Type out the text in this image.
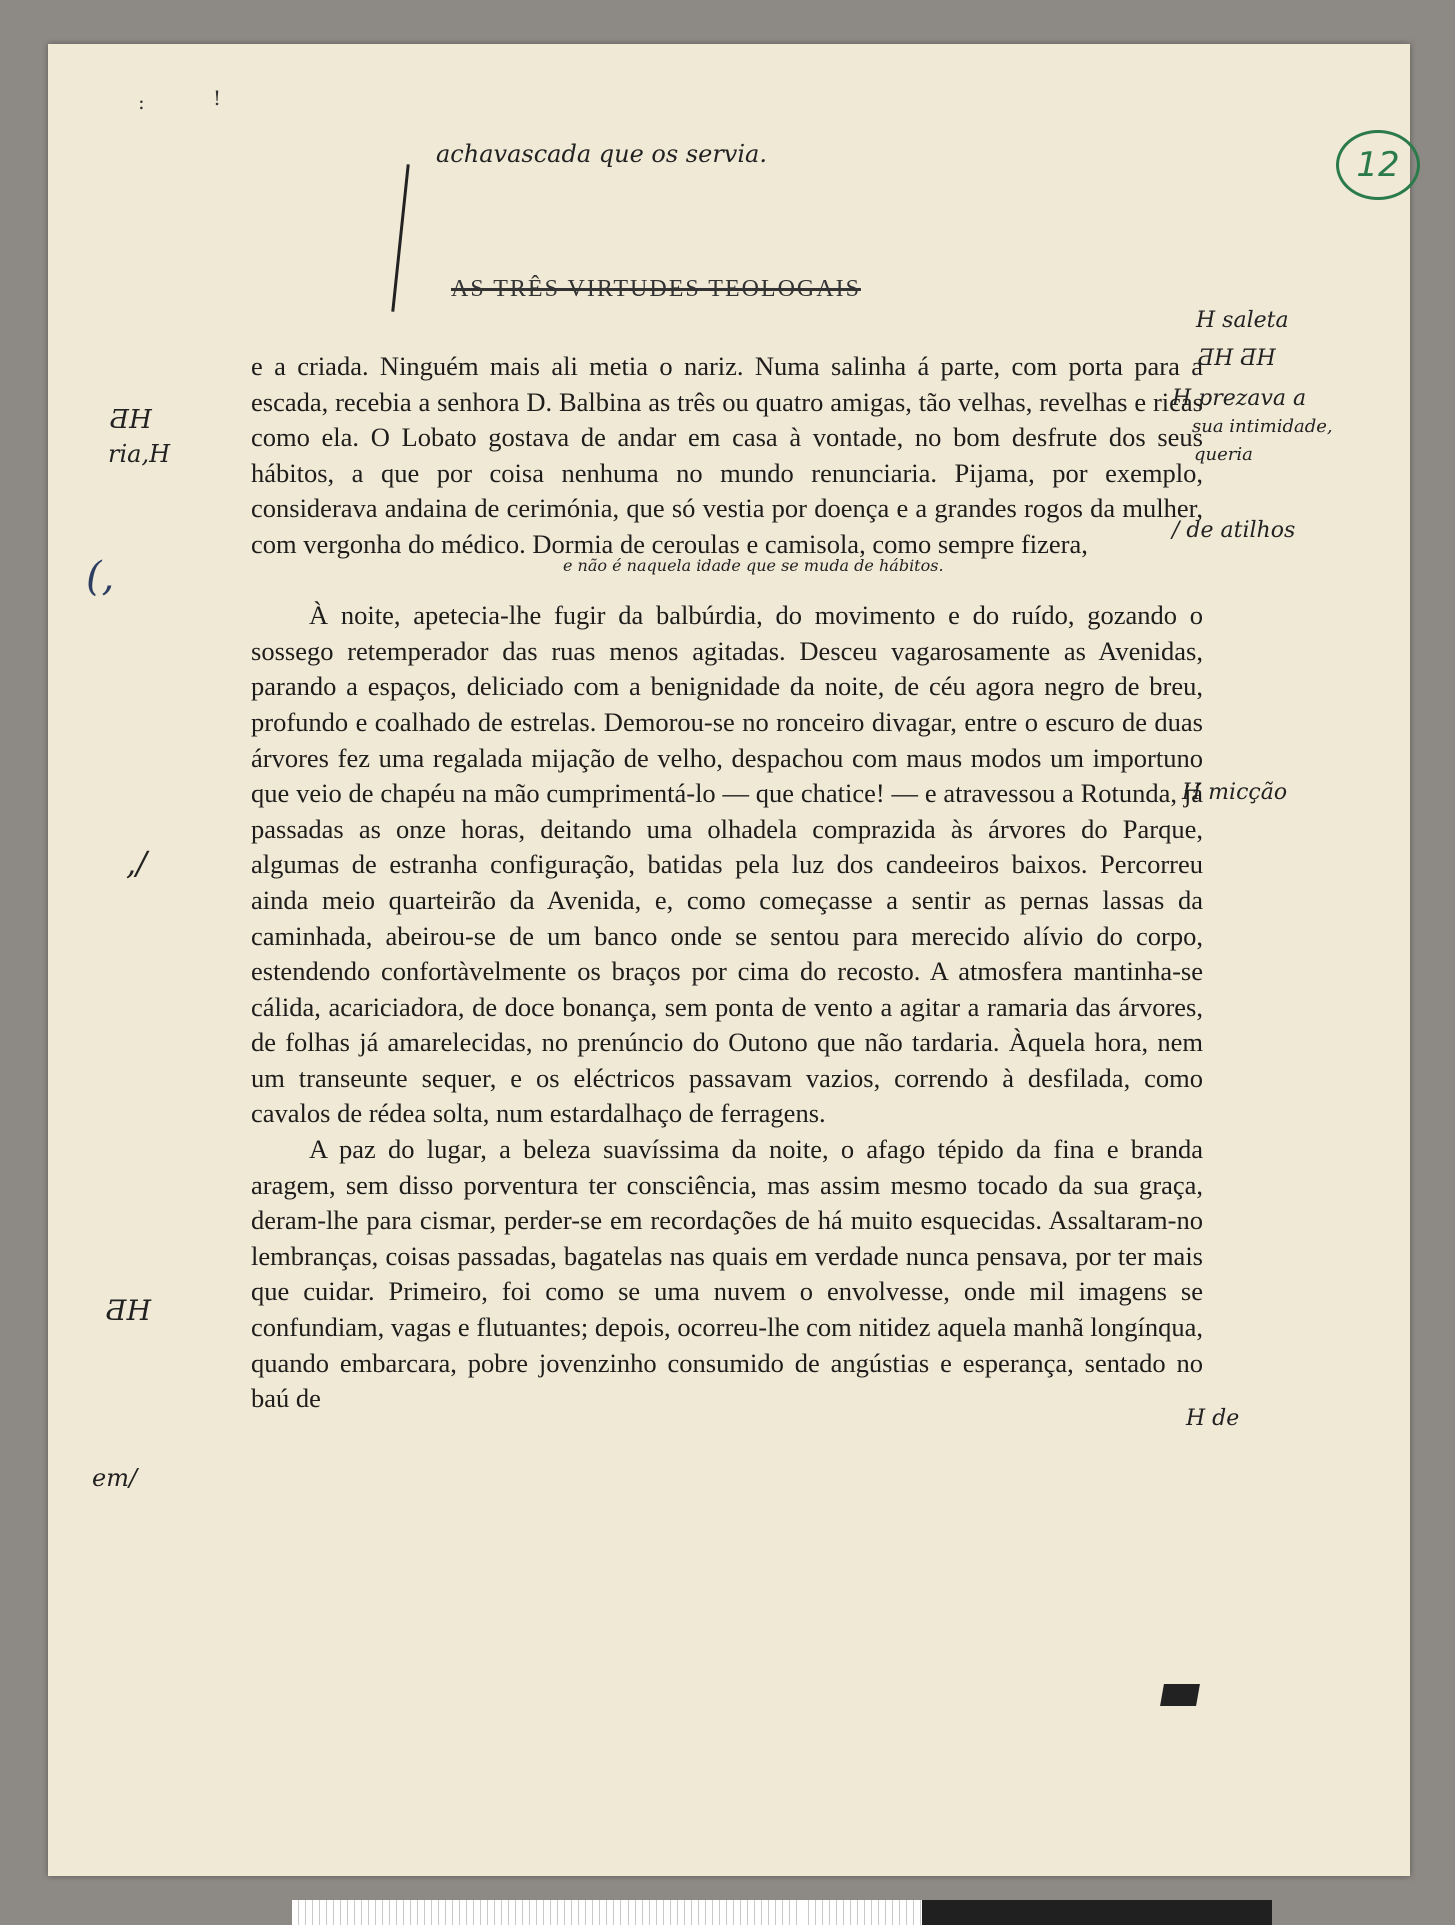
:	!
12
achavascada que os servia.
AS TRÊS VIRTUDES TEOLOGAIS
ƋH
ria,H
(,
,/
ƋH
em/
H saleta
ƋH ƋH
H prezava a
sua intimidade,
queria
/ de atilhos
H micção
H de
e não é naquela idade que se muda de hábitos.

e a criada. Ninguém mais ali metia o nariz. Numa salinha á parte, com porta para a escada, recebia a senhora D. Balbina as três ou quatro amigas, tão velhas, revelhas e ricas como ela. O Lobato gostava de andar em casa à vontade, no bom desfrute dos seus hábitos, a que por coisa nenhuma no mundo renunciaria. Pijama, por exemplo, considerava andaina de cerimónia, que só vestia por doença e a grandes rogos da mulher, com vergonha do médico. Dormia de ceroulas e camisola, como sempre fizera,

À noite, apetecia-lhe fugir da balbúrdia, do movimento e do ruído, gozando o sossego retemperador das ruas menos agitadas. Desceu vagarosamente as Avenidas, parando a espaços, deliciado com a benignidade da noite, de céu agora negro de breu, profundo e coalhado de estrelas. Demorou-se no ronceiro divagar, entre o escuro de duas árvores fez uma regalada mijação de velho, despachou com maus modos um importuno que veio de chapéu na mão cumprimentá-lo — que chatice! — e atravessou a Rotunda, já passadas as onze horas, deitando uma olhadela comprazida às árvores do Parque, algumas de estranha configuração, batidas pela luz dos candeeiros baixos. Percorreu ainda meio quarteirão da Avenida, e, como começasse a sentir as pernas lassas da caminhada, abeirou-se de um banco onde se sentou para merecido alívio do corpo, estendendo confortàvelmente os braços por cima do recosto. A atmosfera mantinha-se cálida, acariciadora, de doce bonança, sem ponta de vento a agitar a ramaria das árvores, de folhas já amarelecidas, no prenúncio do Outono que não tardaria. Àquela hora, nem um transeunte sequer, e os eléctricos passavam vazios, correndo à desfilada, como cavalos de rédea solta, num estardalhaço de ferragens.

A paz do lugar, a beleza suavíssima da noite, o afago tépido da fina e branda aragem, sem disso porventura ter consciência, mas assim mesmo tocado da sua graça, deram-lhe para cismar, perder-se em recordações de há muito esquecidas. Assaltaram-no lembranças, coisas passadas, bagatelas nas quais em verdade nunca pensava, por ter mais que cuidar. Primeiro, foi como se uma nuvem o envolvesse, onde mil imagens se confundiam, vagas e flutuantes; depois, ocorreu-lhe com nitidez aquela manhã longínqua, quando embarcara, pobre jovenzinho consumido de angústias e esperança, sentado no baú de
